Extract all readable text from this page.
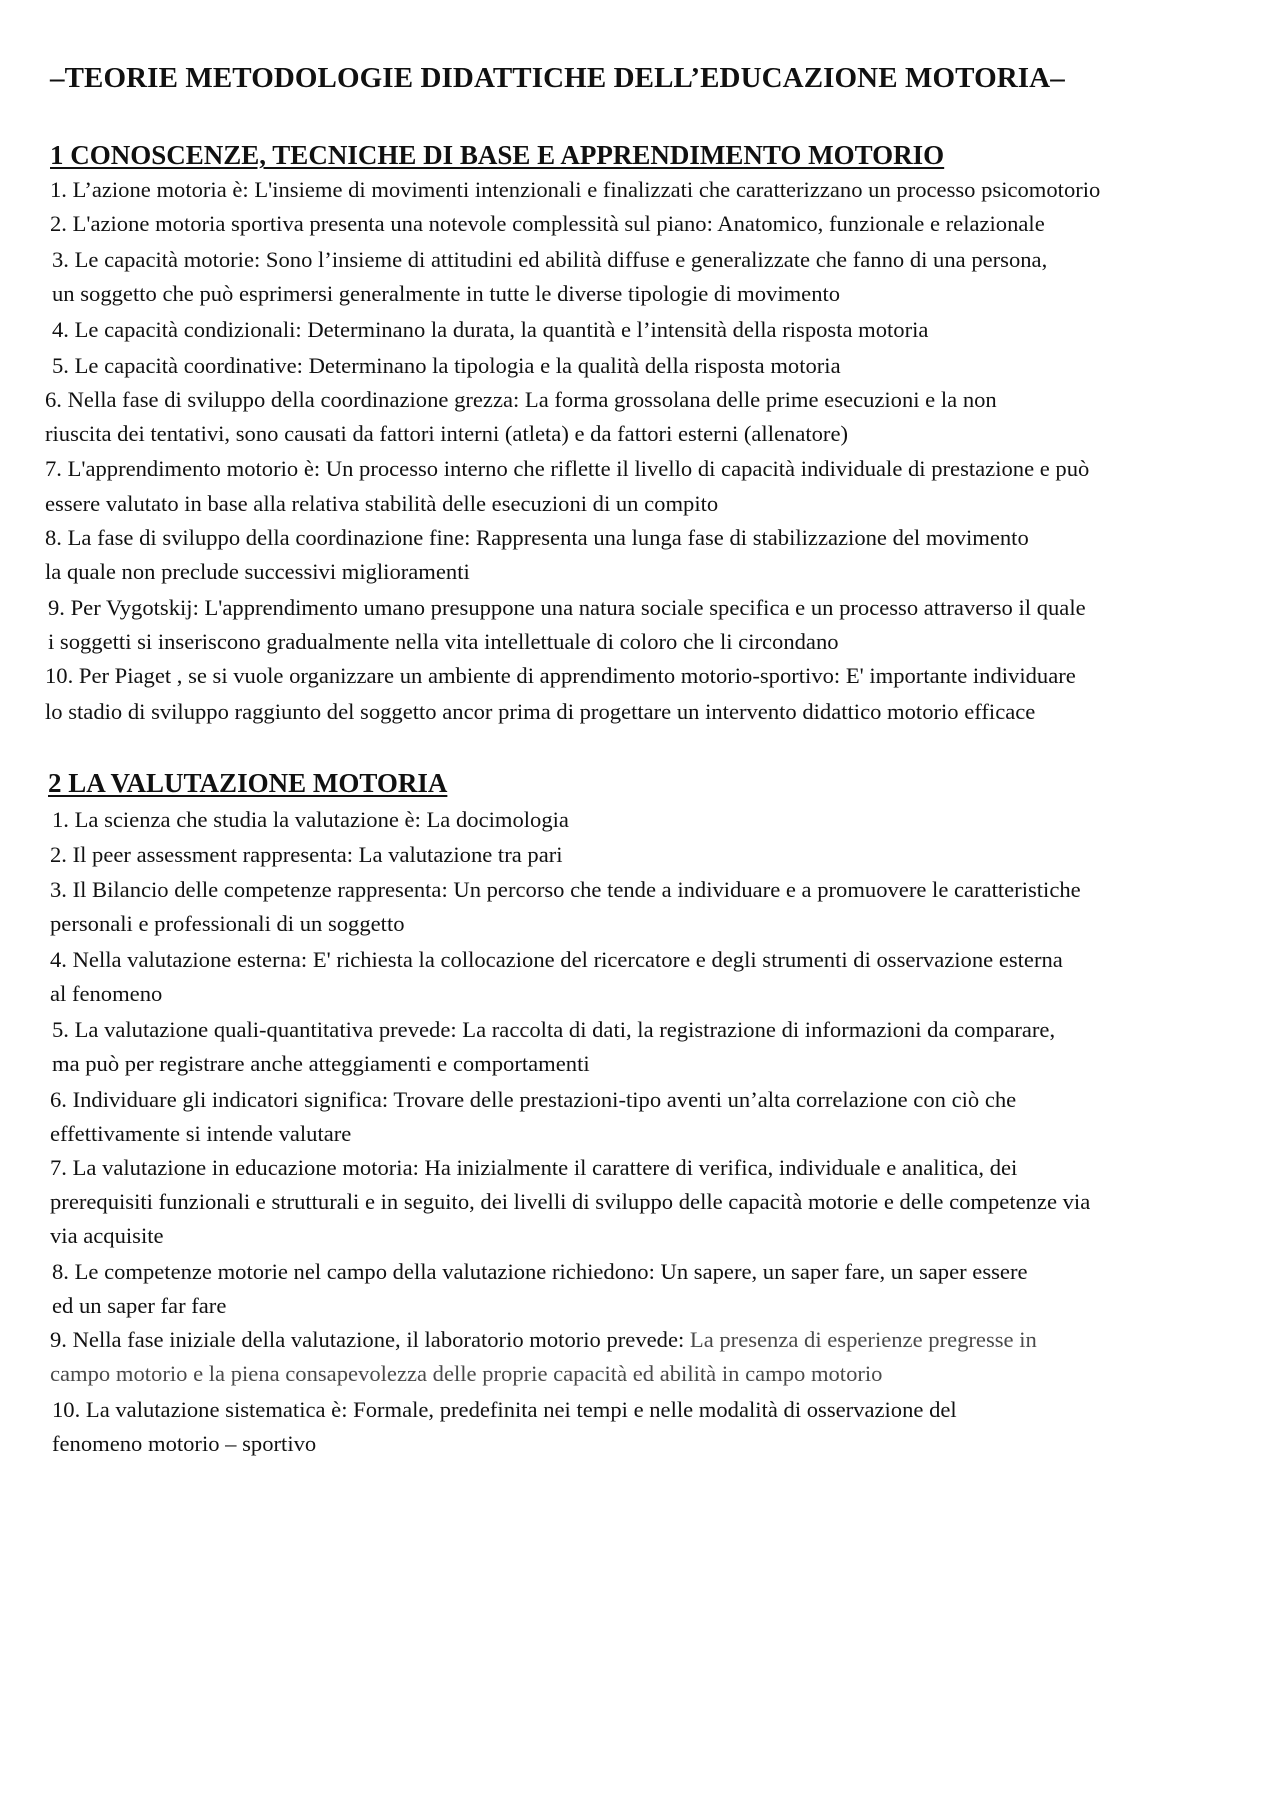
–TEORIE METODOLOGIE DIDATTICHE DELL’EDUCAZIONE MOTORIA–
1 CONOSCENZE, TECNICHE DI BASE E APPRENDIMENTO MOTORIO

1. L’azione motoria è: L'insieme di movimenti intenzionali e finalizzati che caratterizzano un processo psicomotorio

2. L'azione motoria sportiva presenta una notevole complessità sul piano: Anatomico, funzionale e relazionale

3. Le capacità motorie: Sono l’insieme di attitudini ed abilità diffuse e generalizzate che fanno di una persona,

un soggetto che può esprimersi generalmente in tutte le diverse tipologie di movimento

4. Le capacità condizionali: Determinano la durata, la quantità e l’intensità della risposta motoria

5. Le capacità coordinative: Determinano la tipologia e la qualità della risposta motoria

6. Nella fase di sviluppo della coordinazione grezza: La forma grossolana delle prime esecuzioni e la non

riuscita dei tentativi, sono causati da fattori interni (atleta) e da fattori esterni (allenatore)

7. L'apprendimento motorio è: Un processo interno che riflette il livello di capacità individuale di prestazione e può

essere valutato in base alla relativa stabilità delle esecuzioni di un compito

8. La fase di sviluppo della coordinazione fine: Rappresenta una lunga fase di stabilizzazione del movimento

la quale non preclude successivi miglioramenti

9. Per Vygotskij: L'apprendimento umano presuppone una natura sociale specifica e un processo attraverso il quale

i soggetti si inseriscono gradualmente nella vita intellettuale di coloro che li circondano

10. Per Piaget , se si vuole organizzare un ambiente di apprendimento motorio-sportivo: E' importante individuare

lo stadio di sviluppo raggiunto del soggetto ancor prima di progettare un intervento didattico motorio efficace

2 LA VALUTAZIONE MOTORIA

1. La scienza che studia la valutazione è: La docimologia

2. Il peer assessment rappresenta: La valutazione tra pari

3. Il Bilancio delle competenze rappresenta: Un percorso che tende a individuare e a promuovere le caratteristiche

personali e professionali di un soggetto

4. Nella valutazione esterna: E' richiesta la collocazione del ricercatore e degli strumenti di osservazione esterna

al fenomeno

5. La valutazione quali-quantitativa prevede: La raccolta di dati, la registrazione di informazioni da comparare,

ma può per registrare anche atteggiamenti e comportamenti

6. Individuare gli indicatori significa: Trovare delle prestazioni-tipo aventi un’alta correlazione con ciò che

effettivamente si intende valutare

7. La valutazione in educazione motoria: Ha inizialmente il carattere di verifica, individuale e analitica, dei

prerequisiti funzionali e strutturali e in seguito, dei livelli di sviluppo delle capacità motorie e delle competenze via

via acquisite

8. Le competenze motorie nel campo della valutazione richiedono: Un sapere, un saper fare, un saper essere

ed un saper far fare

9. Nella fase iniziale della valutazione, il laboratorio motorio prevede: La presenza di esperienze pregresse in

campo motorio e la piena consapevolezza delle proprie capacità ed abilità in campo motorio

10. La valutazione sistematica è: Formale, predefinita nei tempi e nelle modalità di osservazione del

fenomeno motorio – sportivo
